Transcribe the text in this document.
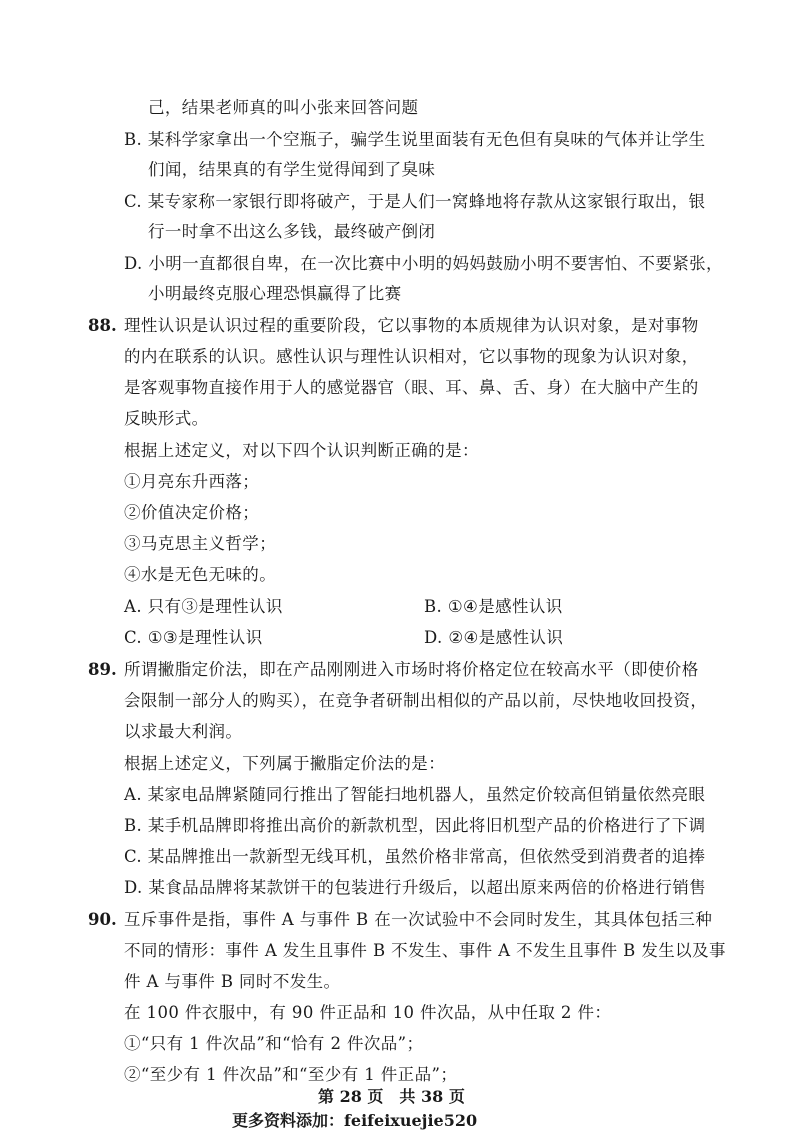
己，结果老师真的叫小张来回答问题
B. 某科学家拿出一个空瓶子，骗学生说里面装有无色但有臭味的气体并让学生
们闻，结果真的有学生觉得闻到了臭味
C. 某专家称一家银行即将破产，于是人们一窝蜂地将存款从这家银行取出，银
行一时拿不出这么多钱，最终破产倒闭
D. 小明一直都很自卑，在一次比赛中小明的妈妈鼓励小明不要害怕、不要紧张，
小明最终克服心理恐惧赢得了比赛
88. 理性认识是认识过程的重要阶段，它以事物的本质规律为认识对象，是对事物
的内在联系的认识。感性认识与理性认识相对，它以事物的现象为认识对象，
是客观事物直接作用于人的感觉器官（眼、耳、鼻、舌、身）在大脑中产生的
反映形式。
根据上述定义，对以下四个认识判断正确的是：
①月亮东升西落；
②价值决定价格；
③马克思主义哲学；
④水是无色无味的。
A. 只有③是理性认识	B. ①④是感性认识
C. ①③是理性认识	D. ②④是感性认识
89. 所谓撇脂定价法，即在产品刚刚进入市场时将价格定位在较高水平（即使价格
会限制一部分人的购买），在竞争者研制出相似的产品以前，尽快地收回投资，
以求最大利润。
根据上述定义，下列属于撇脂定价法的是：
A. 某家电品牌紧随同行推出了智能扫地机器人，虽然定价较高但销量依然亮眼
B. 某手机品牌即将推出高价的新款机型，因此将旧机型产品的价格进行了下调
C. 某品牌推出一款新型无线耳机，虽然价格非常高，但依然受到消费者的追捧
D. 某食品品牌将某款饼干的包装进行升级后，以超出原来两倍的价格进行销售
90. 互斥事件是指，事件 A 与事件 B 在一次试验中不会同时发生，其具体包括三种
不同的情形：事件 A 发生且事件 B 不发生、事件 A 不发生且事件 B 发生以及事
件 A 与事件 B 同时不发生。
在 100 件衣服中，有 90 件正品和 10 件次品，从中任取 2 件：
①“只有 1 件次品”和“恰有 2 件次品”；
②“至少有 1 件次品”和“至少有 1 件正品”；
第 28 页　共 38 页
更多资料添加：feifeixuejie520
